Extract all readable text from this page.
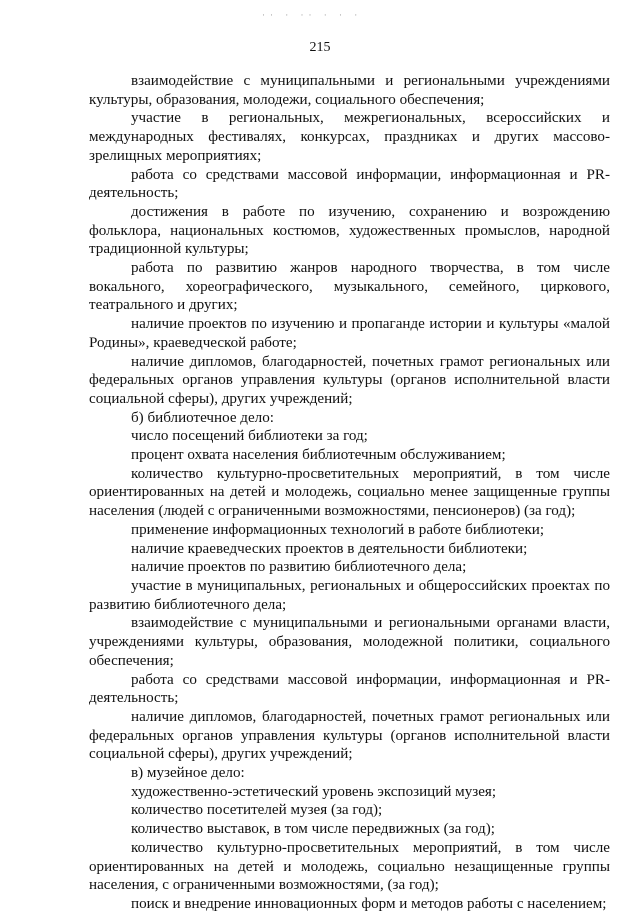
·· · ·· · · ·
215

взаимодействие с муниципальными и региональными учреждениями культуры, образования, молодежи, социального обеспечения;

участие в региональных, межрегиональных, всероссийских и международных фестивалях, конкурсах, праздниках и других массово-зрелищных мероприятиях;

работа со средствами массовой информации, информационная и PR-деятельность;

достижения в работе по изучению, сохранению и возрождению фольклора, национальных костюмов, художественных промыслов, народной традиционной культуры;

работа по развитию жанров народного творчества, в том числе вокального, хореографического, музыкального, семейного, циркового, театрального и других;

наличие проектов по изучению и пропаганде истории и культуры «малой Родины», краеведческой работе;

наличие дипломов, благодарностей, почетных грамот региональных или федеральных органов управления культуры (органов исполнительной власти социальной сферы), других учреждений;

б) библиотечное дело:

число посещений библиотеки за год;

процент охвата населения библиотечным обслуживанием;

количество культурно-просветительных мероприятий, в том числе ориентированных на детей и молодежь, социально менее защищенные группы населения (людей с ограниченными возможностями, пенсионеров) (за год);

применение информационных технологий в работе библиотеки;

наличие краеведческих проектов в деятельности библиотеки;

наличие проектов по развитию библиотечного дела;

участие в муниципальных, региональных и общероссийских проектах по развитию библиотечного дела;

взаимодействие с муниципальными и региональными органами власти, учреждениями культуры, образования, молодежной политики, социального обеспечения;

работа со средствами массовой информации, информационная и PR-деятельность;

наличие дипломов, благодарностей, почетных грамот региональных или федеральных органов управления культуры (органов исполнительной власти социальной сферы), других учреждений;

в) музейное дело:

художественно-эстетический уровень экспозиций музея;

количество посетителей музея (за год);

количество выставок, в том числе передвижных (за год);

количество культурно-просветительных мероприятий, в том числе ориентированных на детей и молодежь, социально незащищенные группы населения, с ограниченными возможностями, (за год);

поиск и внедрение инновационных форм и методов работы с населением;
